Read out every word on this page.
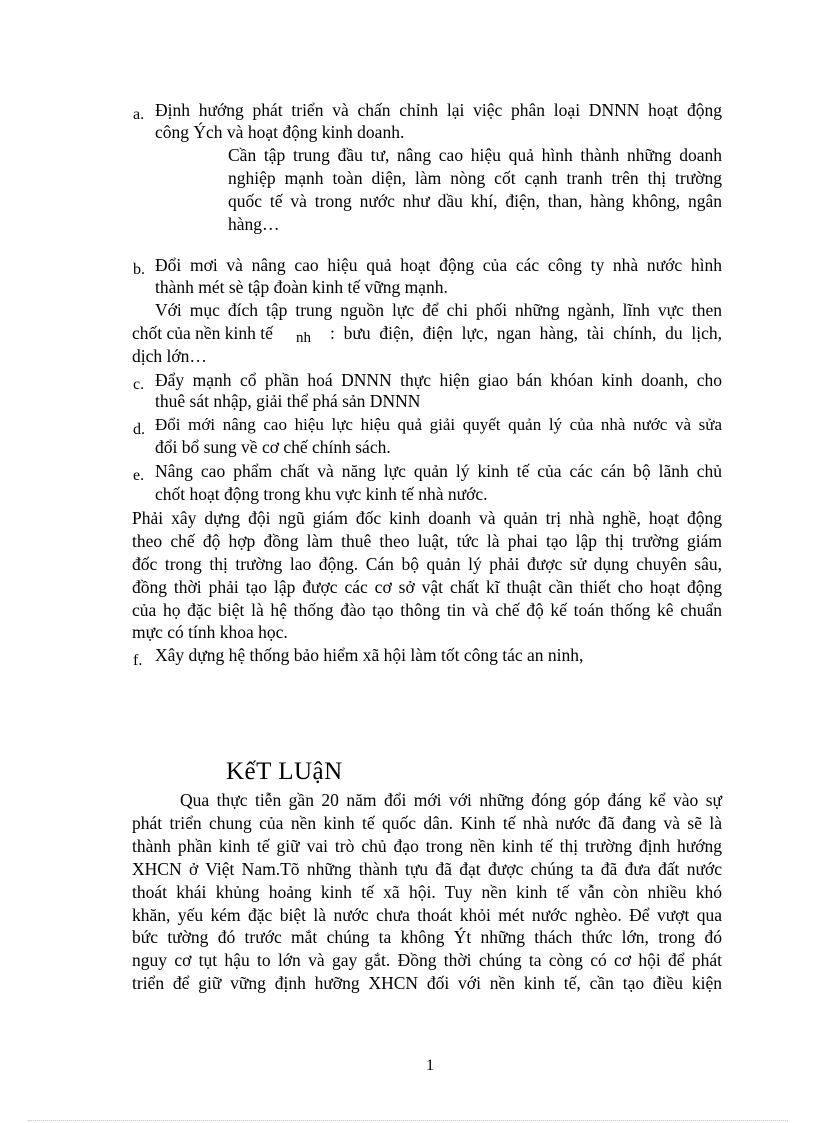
a. Định hướng phát triển và chấn chỉnh lại việc phân loại DNNN hoạt động
công Ých và hoạt động kinh doanh.
Cần tập trung đầu tư, nâng cao hiệu quả hình thành những doanh
nghiệp mạnh toàn diện, làm nòng cốt cạnh tranh trên thị trường
quốc tế và trong nước như dầu khí, điện, than, hàng không, ngân
hàng…
b. Đổi mơi và nâng cao hiệu quả hoạt động của các công ty nhà nước hình
thành mét sè tập đoàn kinh tế vững mạnh.
Với mục đích tập trung nguồn lực để chi phối những ngành, lĩnh vực then
chốt của nền kinh tế nh : bưu điện, điện lực, ngan hàng, tài chính, du lịch,
dịch lớn…
c. Đẩy mạnh cổ phần hoá DNNN thực hiện giao bán khóan kinh doanh, cho
thuê sát nhập, giải thể phá sản DNNN
d. Đổi mới nâng cao hiệu lực hiệu quả giải quyết quản lý của nhà nước và sửa
đổi bổ sung về cơ chế chính sách.
e. Nâng cao phẩm chất và năng lực quản lý kinh tế của các cán bộ lãnh chủ
chốt hoạt động trong khu vực kinh tế nhà nước.
Phải xây dựng đội ngũ giám đốc kinh doanh và quản trị nhà nghề, hoạt động
theo chế độ hợp đồng làm thuê theo luật, tức là phai tạo lập thị trường giám
đốc trong thị trường lao động. Cán bộ quản lý phải được sử dụng chuyên sâu,
đồng thời phải tạo lập được các cơ sở vật chất kĩ thuật cần thiết cho hoạt động
của họ đặc biệt là hệ thống đào tạo thông tin và chế độ kế toán thống kê chuẩn
mực có tính khoa học.
f. Xây dựng hệ thống bảo hiểm xã hội làm tốt công tác an ninh,
KếT LUậN
Qua thực tiễn gần 20 năm đổi mới với những đóng góp đáng kể vào sự
phát triển chung của nền kinh tế quốc dân. Kinh tế nhà nước đã đang và sẽ là
thành phần kinh tế giữ vai trò chủ đạo trong nền kinh tế thị trường định hướng
XHCN ở Việt Nam.Tõ những thành tựu đã đạt được chúng ta đã đưa đất nước
thoát khái khủng hoảng kinh tế xã hội. Tuy nền kinh tế vẫn còn nhiều khó
khăn, yếu kém đặc biệt là nước chưa thoát khỏi mét nước nghèo. Để vượt qua
bức tường đó trước mắt chúng ta không Ýt những thách thức lớn, trong đó
nguy cơ tụt hậu to lớn và gay gắt. Đồng thời chúng ta còng có cơ hội để phát
triển để giữ vững định hưỡng XHCN đối với nền kinh tế, cần tạo điều kiện
1
